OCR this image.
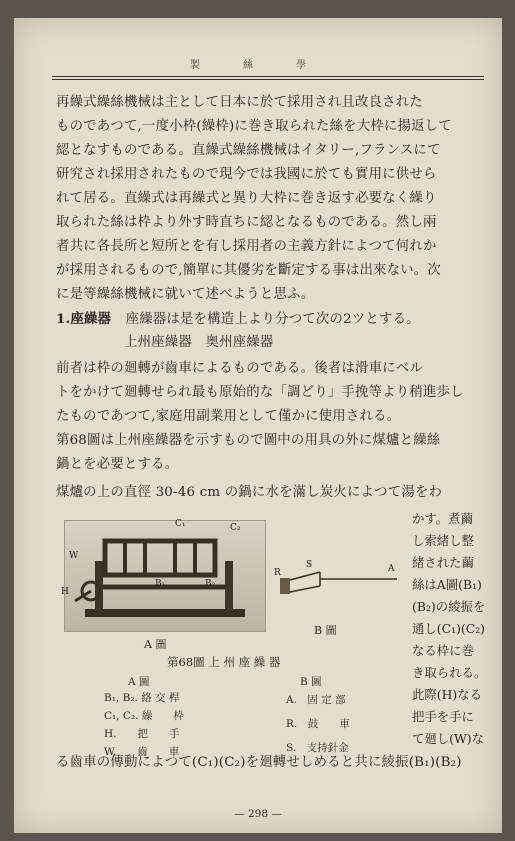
製 絲 學
再繰式繰絲機械は主として日本に於て採用され且改良された
ものであつて,一度小枠(繰枠)に巻き取られた絲を大枠に揚返して
綛となすものである。直繰式繰絲機械はイタリー,フランスにて
研究され採用されたもので現今では我國に於ても實用に供せら
れて居る。直繰式は再繰式と異り大枠に巻き返す必要なく繰り
取られた絲は枠より外す時直ちに綛となるものである。然し兩
者共に各長所と短所とを有し採用者の主義方針によつて何れか
が採用されるもので,簡單に其優劣を斷定する事は出來ない。次
に是等繰絲機械に就いて述べようと思ふ。
1.座繰器 座繰器は是を構造上より分つて次の2ツとする。
上州座繰器　奥州座繰器
前者は枠の廻轉が齒車によるものである。後者は滑車にベル
トをかけて廻轉せられ最も原始的な「調どり」手挽等より稍進歩し
たものであつて,家庭用副業用として僅かに使用される。
第68圖は上州座繰器を示すもので圖中の用具の外に煤爐と繰絲
鍋とを必要とする。
煤爐の上の直徑 30-46 cm の鍋に水を滿し炭火によつて湯をわ
C₁	C₂
W
H
B₁	B₂
A 圖
R
S	A
B 圖
第68圖 上 州 座 繰 器
A 圖	B 圖
B₁, B₂. 絡 交 桿
C₁, C₂. 繰　　枠
H.　　把　　手
W.　　齒　　車
A.　固 定 部
R.　鼓　　車
S.　支持針金
かす。煮繭
し索緒し整
緒された繭
絲はA圖(B₁)
(B₂)の綾振を
通し(C₁)(C₂)
なる枠に巻
き取られる。
此際(H)なる
把手を手に
て廻し(W)な
る齒車の傳動によつて(C₁)(C₂)を廻轉せしめると共に綾振(B₁)(B₂)
— 298 —
